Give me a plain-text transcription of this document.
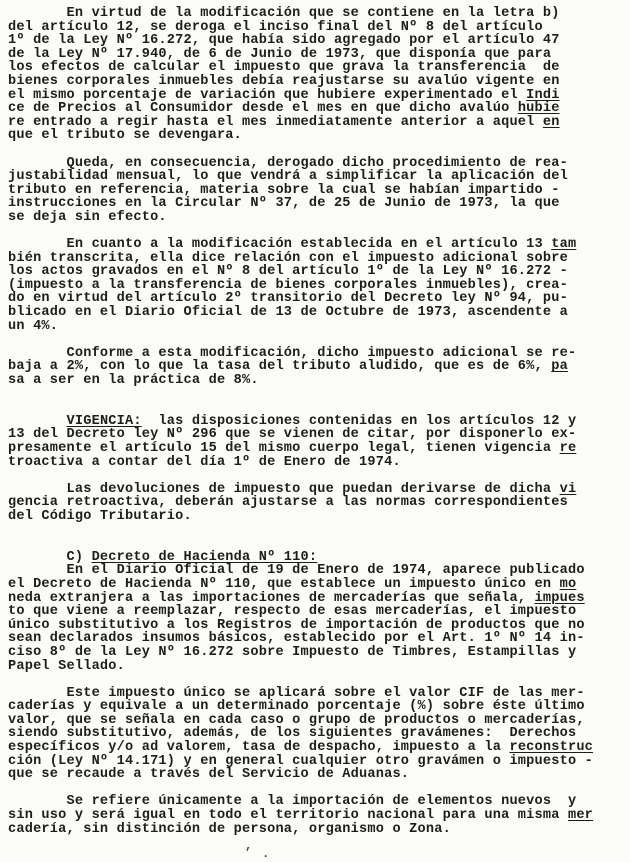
En virtud de la modificación que se contiene en la letra b)
del artículo 12, se deroga el inciso final del Nº 8 del artículo
1º de la Ley Nº 16.272, que había sido agregado por el artículo 47
de la Ley Nº 17.940, de 6 de Junio de 1973, que disponía que para
los efectos de calcular el impuesto que grava la transferencia  de
bienes corporales inmuebles debía reajustarse su avalúo vigente en
el mismo porcentaje de variación que hubiere experimentado el Indi
ce de Precios al Consumidor desde el mes en que dicho avalúo hubie
re entrado a regir hasta el mes inmediatamente anterior a aquel en
que el tributo se devengara.
Queda, en consecuencia, derogado dicho procedimiento de rea-
justabilidad mensual, lo que vendrá a simplificar la aplicación del
tributo en referencia, materia sobre la cual se habían impartido -
instrucciones en la Circular Nº 37, de 25 de Junio de 1973, la que
se deja sin efecto.
En cuanto a la modificación establecida en el artículo 13 tam
bién transcrita, ella dice relación con el impuesto adicional sobre
los actos gravados en el Nº 8 del artículo 1º de la Ley Nº 16.272 -
(impuesto a la transferencia de bienes corporales inmuebles), crea-
do en virtud del artículo 2º transitorio del Decreto ley Nº 94, pu-
blicado en el Diario Oficial de 13 de Octubre de 1973, ascendente a
un 4%.
Conforme a esta modificación, dicho impuesto adicional se re-
baja a 2%, con lo que la tasa del tributo aludido, que es de 6%, pa
sa a ser en la práctica de 8%.
VIGENCIA:  las disposiciones contenidas en los artículos 12 y
13 del Decreto ley Nº 296 que se vienen de citar, por disponerlo ex-
presamente el artículo 15 del mismo cuerpo legal, tienen vigencia re
troactiva a contar del día 1º de Enero de 1974.
Las devoluciones de impuesto que puedan derivarse de dicha vi
gencia retroactiva, deberán ajustarse a las normas correspondientes
del Código Tributario.
C) Decreto de Hacienda Nº 110:
En el Diario Oficial de 19 de Enero de 1974, aparece publicado
el Decreto de Hacienda Nº 110, que establece un impuesto único en mo
neda extranjera a las importaciones de mercaderías que señala, impues
to que viene a reemplazar, respecto de esas mercaderías, el impuesto
único substitutivo a los Registros de importación de productos que no
sean declarados insumos básicos, establecido por el Art. 1º Nº 14 in-
ciso 8º de la Ley Nº 16.272 sobre Impuesto de Timbres, Estampillas y
Papel Sellado.
Este impuesto único se aplicará sobre el valor CIF de las mer-
caderías y equivale a un determinado porcentaje (%) sobre éste último
valor, que se señala en cada caso o grupo de productos o mercaderías,
siendo substitutivo, además, de los siguientes gravámenes:  Derechos
específicos y/o ad valorem, tasa de despacho, impuesto a la reconstruc
ción (Ley Nº 14.171) y en general cualquier otro gravámen o impuesto -
que se recaude a través del Servicio de Aduanas.
Se refiere únicamente a la importación de elementos nuevos  y
sin uso y será igual en todo el territorio nacional para una misma mer
cadería, sin distinción de persona, organismo o Zona.
.
,
